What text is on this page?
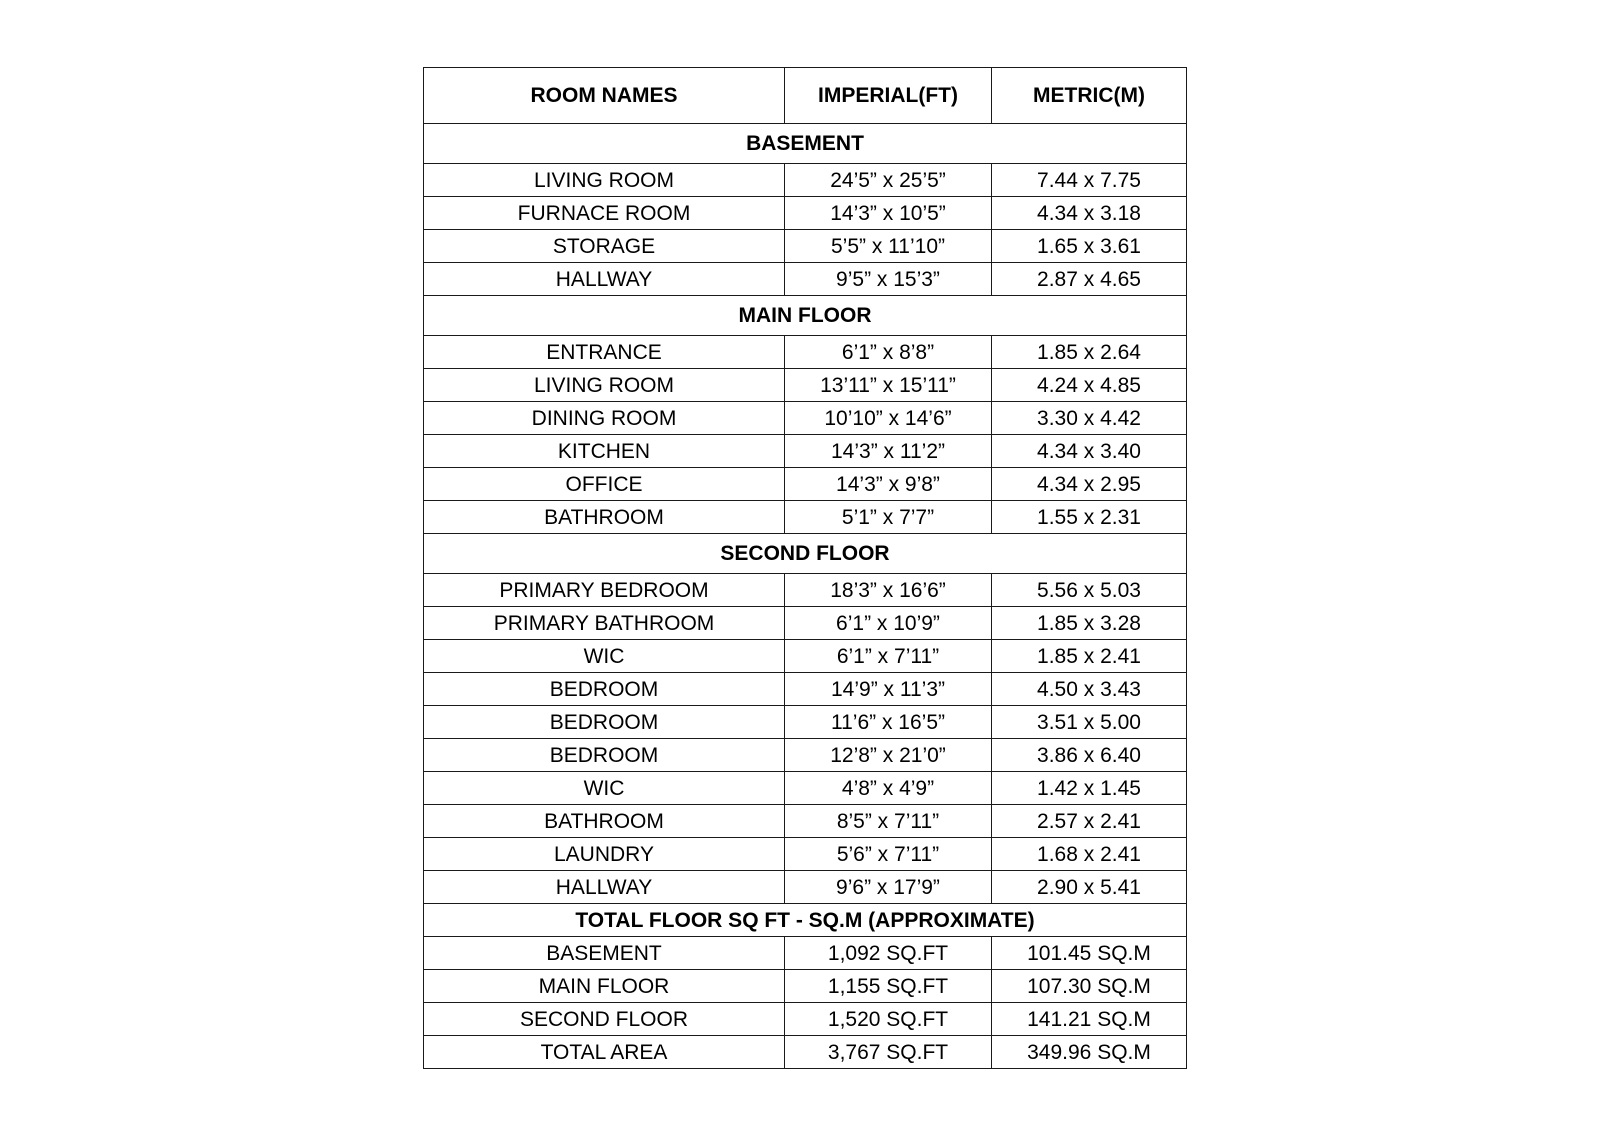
ROOM NAMES	IMPERIAL(FT)	METRIC(M)
BASEMENT		
LIVING ROOM	24’5” x 25’5”	7.44 x 7.75
FURNACE ROOM	14’3” x 10’5”	4.34 x 3.18
STORAGE	5’5” x 11’10”	1.65 x 3.61
HALLWAY	9’5” x 15’3”	2.87 x 4.65
MAIN FLOOR		
ENTRANCE	6’1” x 8’8”	1.85 x 2.64
LIVING ROOM	13’11” x 15’11”	4.24 x 4.85
DINING ROOM	10’10” x 14’6”	3.30 x 4.42
KITCHEN	14’3” x 11’2”	4.34 x 3.40
OFFICE	14’3” x 9’8”	4.34 x 2.95
BATHROOM	5’1” x 7’7”	1.55 x 2.31
SECOND FLOOR		
PRIMARY BEDROOM	18’3” x 16’6”	5.56 x 5.03
PRIMARY BATHROOM	6’1” x 10’9”	1.85 x 3.28
WIC	6’1” x 7’11”	1.85 x 2.41
BEDROOM	14’9” x 11’3”	4.50 x 3.43
BEDROOM	11’6” x 16’5”	3.51 x 5.00
BEDROOM	12’8” x 21’0”	3.86 x 6.40
WIC	4’8” x 4’9”	1.42 x 1.45
BATHROOM	8’5” x 7’11”	2.57 x 2.41
LAUNDRY	5’6” x 7’11”	1.68 x 2.41
HALLWAY	9’6” x 17’9”	2.90 x 5.41
TOTAL FLOOR SQ FT - SQ.M (APPROXIMATE)		
BASEMENT	1,092 SQ.FT	101.45 SQ.M
MAIN FLOOR	1,155 SQ.FT	107.30 SQ.M
SECOND FLOOR	1,520 SQ.FT	141.21 SQ.M
TOTAL AREA	3,767 SQ.FT	349.96 SQ.M
